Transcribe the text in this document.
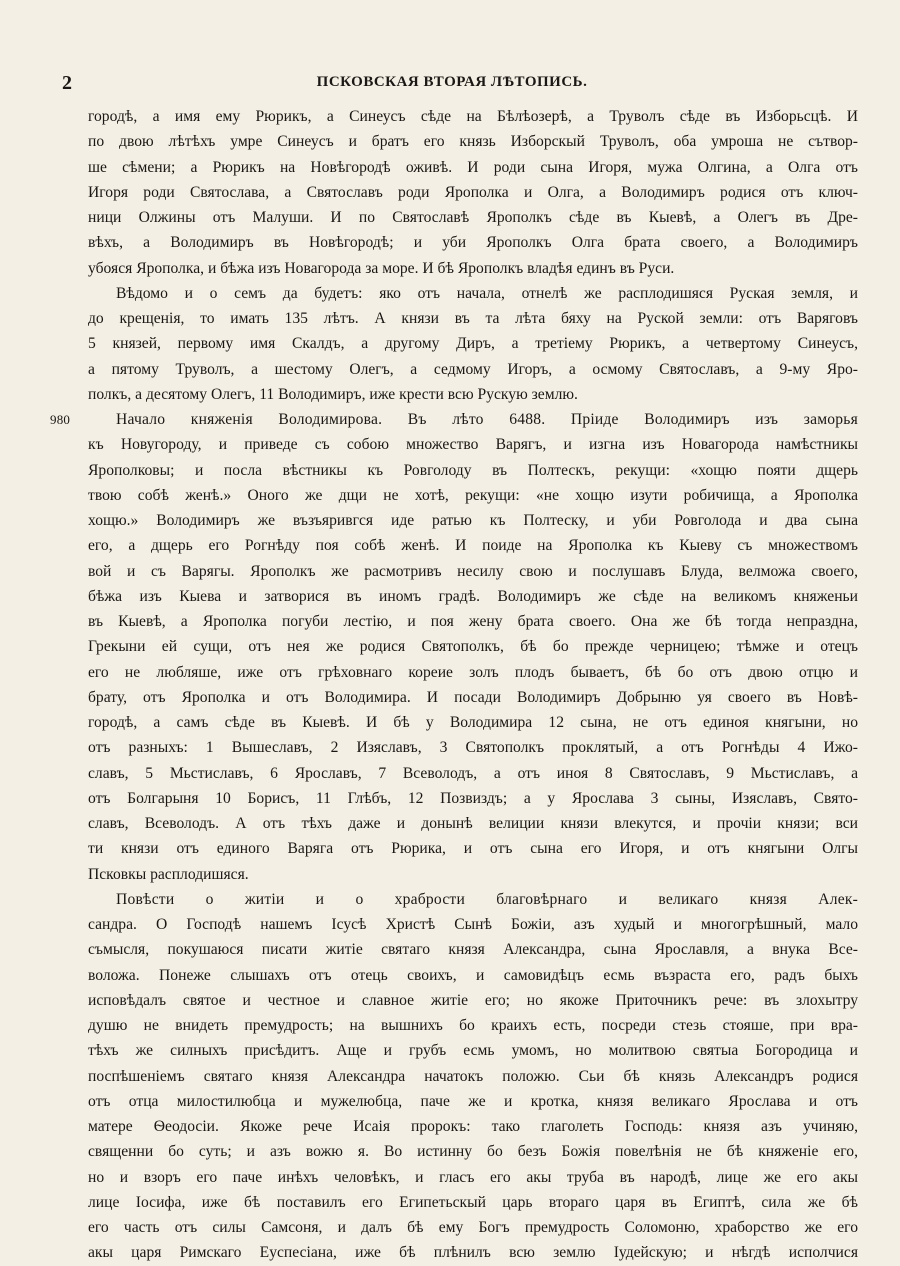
2	ПСКОВСКАЯ ВТОРАЯ ЛѢТОПИСЬ.
городѣ, а имя ему Рюрикъ, а Синеусъ сѣде на Бѣлѣозерѣ, а Труволъ сѣде въ Изборьсцѣ. И
по двою лѣтѣхъ умре Синеусъ и братъ его князь Изборскый Труволъ, оба умроша не сътвор-
ше сѣмени; а Рюрикъ на Новѣгородѣ оживѣ. И роди сына Игоря, мужа Олгина, а Олга отъ
Игоря роди Святослава, а Святославъ роди Ярополка и Олга, а Володимиръ родися отъ ключ-
ници Олжины отъ Малуши. И по Святославѣ Ярополкъ сѣде въ Кыевѣ, а Олегъ въ Дре-
вѣхъ, а Володимиръ въ Новѣгородѣ; и уби Ярополкъ Олга брата своего, а Володимиръ
убояся Ярополка, и бѣжа изъ Новагорода за море. И бѣ Ярополкъ владѣя единъ въ Руси.
Вѣдомо и о семъ да будетъ: яко отъ начала, отнелѣ же расплодишяся Руская земля, и
до крещенія, то имать 135 лѣтъ. А князи въ та лѣта бяху на Руской земли: отъ Варяговъ
5 князей, первому имя Скалдъ, а другому Диръ, а третіему Рюрикъ, а четвертому Синеусъ,
а пятому Труволъ, а шестому Олегъ, а седмому Игоръ, а осмому Святославъ, а 9-му Яро-
полкъ, а десятому Олегъ, 11 Володимиръ, иже крести всю Рускую землю.
980	Начало княженія Володимирова. Въ лѣто 6488. Пріиде Володимиръ изъ заморья
къ Новугороду, и приведе съ собою множество Варягъ, и изгна изъ Новагорода намѣстникы
Ярополковы; и посла вѣстникы къ Ровголоду въ Полтескъ, рекущи: «хощю пояти дщерь
твою собѣ женѣ.» Оного же дщи не хотѣ, рекущи: «не хощю изути робичища, а Ярополка
хощю.» Володимиръ же възъяривгся иде ратью къ Полтеску, и уби Ровголода и два сына
его, а дщерь его Рогнѣду поя собѣ женѣ. И поиде на Ярополка къ Кыеву съ множествомъ
вой и съ Варягы. Ярополкъ же расмотривъ несилу свою и послушавъ Блуда, велможа своего,
бѣжа изъ Кыева и затворися въ иномъ градѣ. Володимиръ же сѣде на великомъ княженьи
въ Кыевѣ, а Ярополка погуби лестію, и поя жену брата своего. Она же бѣ тогда непраздна,
Грекыни ей сущи, отъ нея же родися Святополкъ, бѣ бо прежде черницею; тѣмже и отецъ
его не любляше, иже отъ грѣховнаго кореие золъ плодъ бываетъ, бѣ бо отъ двою отцю и
брату, отъ Ярополка и отъ Володимира. И посади Володимиръ Добрыню уя своего въ Новѣ-
городѣ, а самъ сѣде въ Кыевѣ. И бѣ у Володимира 12 сына, не отъ единоя княгыни, но
отъ разныхъ: 1 Вышеславъ, 2 Изяславъ, 3 Святополкъ проклятый, а отъ Рогнѣды 4 Ижо-
славъ, 5 Мьстиславъ, 6 Ярославъ, 7 Всеволодъ, а отъ иноя 8 Святославъ, 9 Мьстиславъ, а
отъ Болгарыня 10 Борисъ, 11 Глѣбъ, 12 Позвиздъ; а у Ярослава 3 сыны, Изяславъ, Свято-
славъ, Всеволодъ. А отъ тѣхъ даже и донынѣ велиции князи влекутся, и прочіи князи; вси
ти князи отъ единого Варяга отъ Рюрика, и отъ сына его Игоря, и отъ княгыни Олгы
Псковкы расплодишяся.
Повѣсти о житіи и о храбрости благовѣрнаго и великаго князя Алек-
сандра. О Господѣ нашемъ Ісусѣ Христѣ Сынѣ Божіи, азъ худый и многогрѣшный, мало
съмысля, покушаюся писати житіе святаго князя Александра, сына Ярославля, а внука Все-
воложа. Понеже слышахъ отъ отець своихъ, и самовидѣцъ есмь възраста его, радъ быхъ
исповѣдалъ святое и честное и славное житіе его; но якоже Приточникъ рече: въ злохытру
душю не внидеть премудрость; на вышнихъ бо краихъ есть, посреди стезь стояше, при вра-
тѣхъ же силныхъ присѣдитъ. Аще и грубъ есмь умомъ, но молитвою святыа Богородица и
поспѣшеніемъ святаго князя Александра начатокъ положю. Сьи бѣ князь Александръ родися
отъ отца милостилюбца и мужелюбца, паче же и кротка, князя великаго Ярослава и отъ
матере Ѳеодосіи. Якоже рече Исаія пророкъ: тако глаголеть Господь: князя азъ учиняю,
священни бо суть; и азъ вожю я. Во истинну бо безъ Божія повелѣнія не бѣ княженіе его,
но и взоръ его паче инѣхъ человѣкъ, и гласъ его акы труба въ народѣ, лице же его акы
лице Іосифа, иже бѣ поставилъ его Египетьскый царь втораго царя въ Египтѣ, сила же бѣ
его часть отъ силы Самсоня, и далъ бѣ ему Богъ премудрость Соломоню, храборство же его
акы царя Римскаго Еуспесіана, иже бѣ плѣнилъ всю землю Іудейскую; и нѣгдѣ исполчися
